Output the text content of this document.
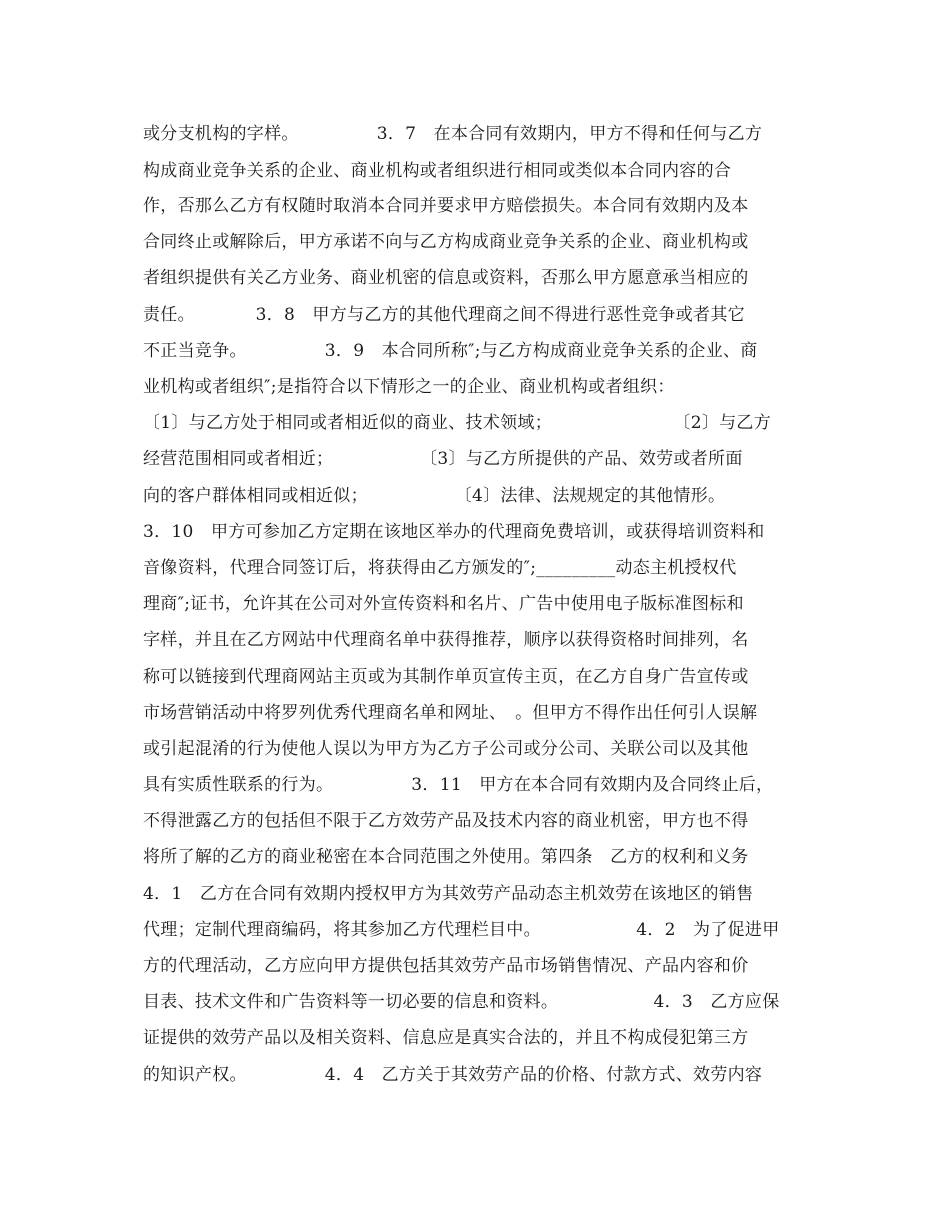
或分支机构的字样。　　　　　3．7　在本合同有效期内，甲方不得和任何与乙方
构成商业竞争关系的企业、商业机构或者组织进行相同或类似本合同内容的合
作，否那么乙方有权随时取消本合同并要求甲方赔偿损失。本合同有效期内及本
合同终止或解除后，甲方承诺不向与乙方构成商业竞争关系的企业、商业机构或
者组织提供有关乙方业务、商业机密的信息或资料，否那么甲方愿意承当相应的
责任。　　　　3．8　甲方与乙方的其他代理商之间不得进行恶性竞争或者其它
不正当竞争。　　　　　3．9　本合同所称″;与乙方构成商业竞争关系的企业、商
业机构或者组织″;是指符合以下情形之一的企业、商业机构或者组织：
〔1〕与乙方处于相同或者相近似的商业、技术领域；　　　　　　　　〔2〕与乙方
经营范围相同或者相近；　　　　　　〔3〕与乙方所提供的产品、效劳或者所面
向的客户群体相同或相近似；　　　　　　〔4〕法律、法规规定的其他情形。
3．10　甲方可参加乙方定期在该地区举办的代理商免费培训，或获得培训资料和
音像资料，代理合同签订后，将获得由乙方颁发的″;_________动态主机授权代
理商″;证书，允许其在公司对外宣传资料和名片、广告中使用电子版标准图标和
字样，并且在乙方网站中代理商名单中获得推荐，顺序以获得资格时间排列，名
称可以链接到代理商网站主页或为其制作单页宣传主页，在乙方自身广告宣传或
市场营销活动中将罗列优秀代理商名单和网址、　。但甲方不得作出任何引人误解
或引起混淆的行为使他人误以为甲方为乙方子公司或分公司、关联公司以及其他
具有实质性联系的行为。　　　　　3．11　甲方在本合同有效期内及合同终止后，
不得泄露乙方的包括但不限于乙方效劳产品及技术内容的商业机密，甲方也不得
将所了解的乙方的商业秘密在本合同范围之外使用。第四条　乙方的权利和义务
4．1　乙方在合同有效期内授权甲方为其效劳产品动态主机效劳在该地区的销售
代理；定制代理商编码，将其参加乙方代理栏目中。　　　　　　4．2　为了促进甲
方的代理活动，乙方应向甲方提供包括其效劳产品市场销售情况、产品内容和价
目表、技术文件和广告资料等一切必要的信息和资料。　　　　　　4．3　乙方应保
证提供的效劳产品以及相关资料、信息应是真实合法的，并且不构成侵犯第三方
的知识产权。　　　　　4．4　乙方关于其效劳产品的价格、付款方式、效劳内容
